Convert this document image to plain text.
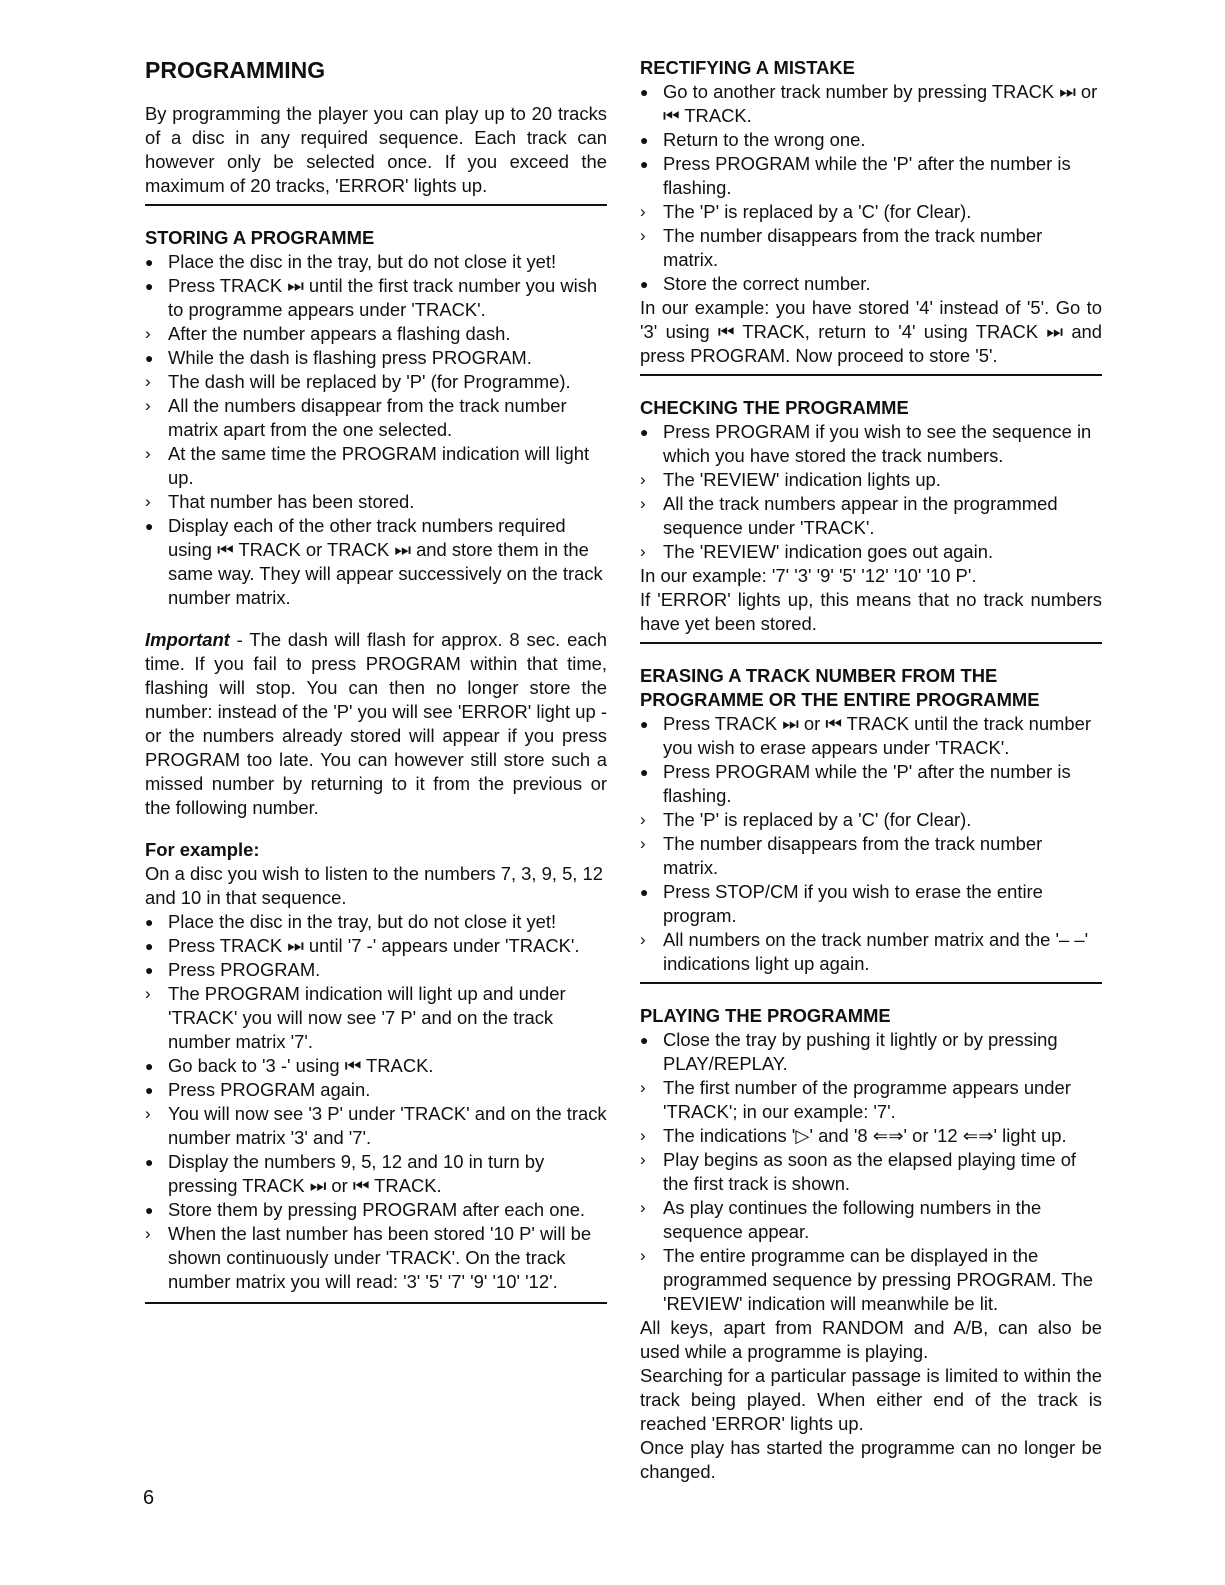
PROGRAMMING

By programming the player you can play up to 20 tracks of a disc in any required sequence. Each track can however only be selected once. If you exceed the maximum of 20 tracks, 'ERROR' lights up.

STORING A PROGRAMME
● Place the disc in the tray, but do not close it yet!
● Press TRACK ⏭ until the first track number you wish to programme appears under 'TRACK'.
› After the number appears a flashing dash.
● While the dash is flashing press PROGRAM.
› The dash will be replaced by 'P' (for Programme).
› All the numbers disappear from the track number matrix apart from the one selected.
› At the same time the PROGRAM indication will light up.
› That number has been stored.
● Display each of the other track numbers required using ⏮ TRACK or TRACK ⏭ and store them in the same way. They will appear successively on the track number matrix.

Important - The dash will flash for approx. 8 sec. each time. If you fail to press PROGRAM within that time, flashing will stop. You can then no longer store the number: instead of the 'P' you will see 'ERROR' light up - or the numbers already stored will appear if you press PROGRAM too late. You can however still store such a missed number by returning to it from the previous or the following number.

For example:

On a disc you wish to listen to the numbers 7, 3, 9, 5, 12 and 10 in that sequence.

● Place the disc in the tray, but do not close it yet!
● Press TRACK ⏭ until '7 -' appears under 'TRACK'.
● Press PROGRAM.
› The PROGRAM indication will light up and under 'TRACK' you will now see '7 P' and on the track number matrix '7'.
● Go back to '3 -' using ⏮ TRACK.
● Press PROGRAM again.
› You will now see '3 P' under 'TRACK' and on the track number matrix '3' and '7'.
● Display the numbers 9, 5, 12 and 10 in turn by pressing TRACK ⏭ or ⏮ TRACK.
● Store them by pressing PROGRAM after each one.
› When the last number has been stored '10 P' will be shown continuously under 'TRACK'. On the track number matrix you will read: '3' '5' '7' '9' '10' '12'.
RECTIFYING A MISTAKE
● Go to another track number by pressing TRACK ⏭ or ⏮ TRACK.
● Return to the wrong one.
● Press PROGRAM while the 'P' after the number is flashing.
› The 'P' is replaced by a 'C' (for Clear).
› The number disappears from the track number matrix.
● Store the correct number.

In our example: you have stored '4' instead of '5'. Go to '3' using ⏮ TRACK, return to '4' using TRACK ⏭ and press PROGRAM. Now proceed to store '5'.

CHECKING THE PROGRAMME
● Press PROGRAM if you wish to see the sequence in which you have stored the track numbers.
› The 'REVIEW' indication lights up.
› All the track numbers appear in the programmed sequence under 'TRACK'.
› The 'REVIEW' indication goes out again.

In our example: '7' '3' '9' '5' '12' '10' '10 P'.

If 'ERROR' lights up, this means that no track numbers have yet been stored.

ERASING A TRACK NUMBER FROM THE PROGRAMME OR THE ENTIRE PROGRAMME
● Press TRACK ⏭ or ⏮ TRACK until the track number you wish to erase appears under 'TRACK'.
● Press PROGRAM while the 'P' after the number is flashing.
› The 'P' is replaced by a 'C' (for Clear).
› The number disappears from the track number matrix.
● Press STOP/CM if you wish to erase the entire program.
› All numbers on the track number matrix and the '– –' indications light up again.
PLAYING THE PROGRAMME
● Close the tray by pushing it lightly or by pressing PLAY/REPLAY.
› The first number of the programme appears under 'TRACK'; in our example: '7'.
› The indications '▷' and '8 ⇐⇒' or '12 ⇐⇒' light up.
› Play begins as soon as the elapsed playing time of the first track is shown.
› As play continues the following numbers in the sequence appear.
› The entire programme can be displayed in the programmed sequence by pressing PROGRAM. The 'REVIEW' indication will meanwhile be lit.

All keys, apart from RANDOM and A/B, can also be used while a programme is playing.

Searching for a particular passage is limited to within the track being played. When either end of the track is reached 'ERROR' lights up.

Once play has started the programme can no longer be changed.

6
